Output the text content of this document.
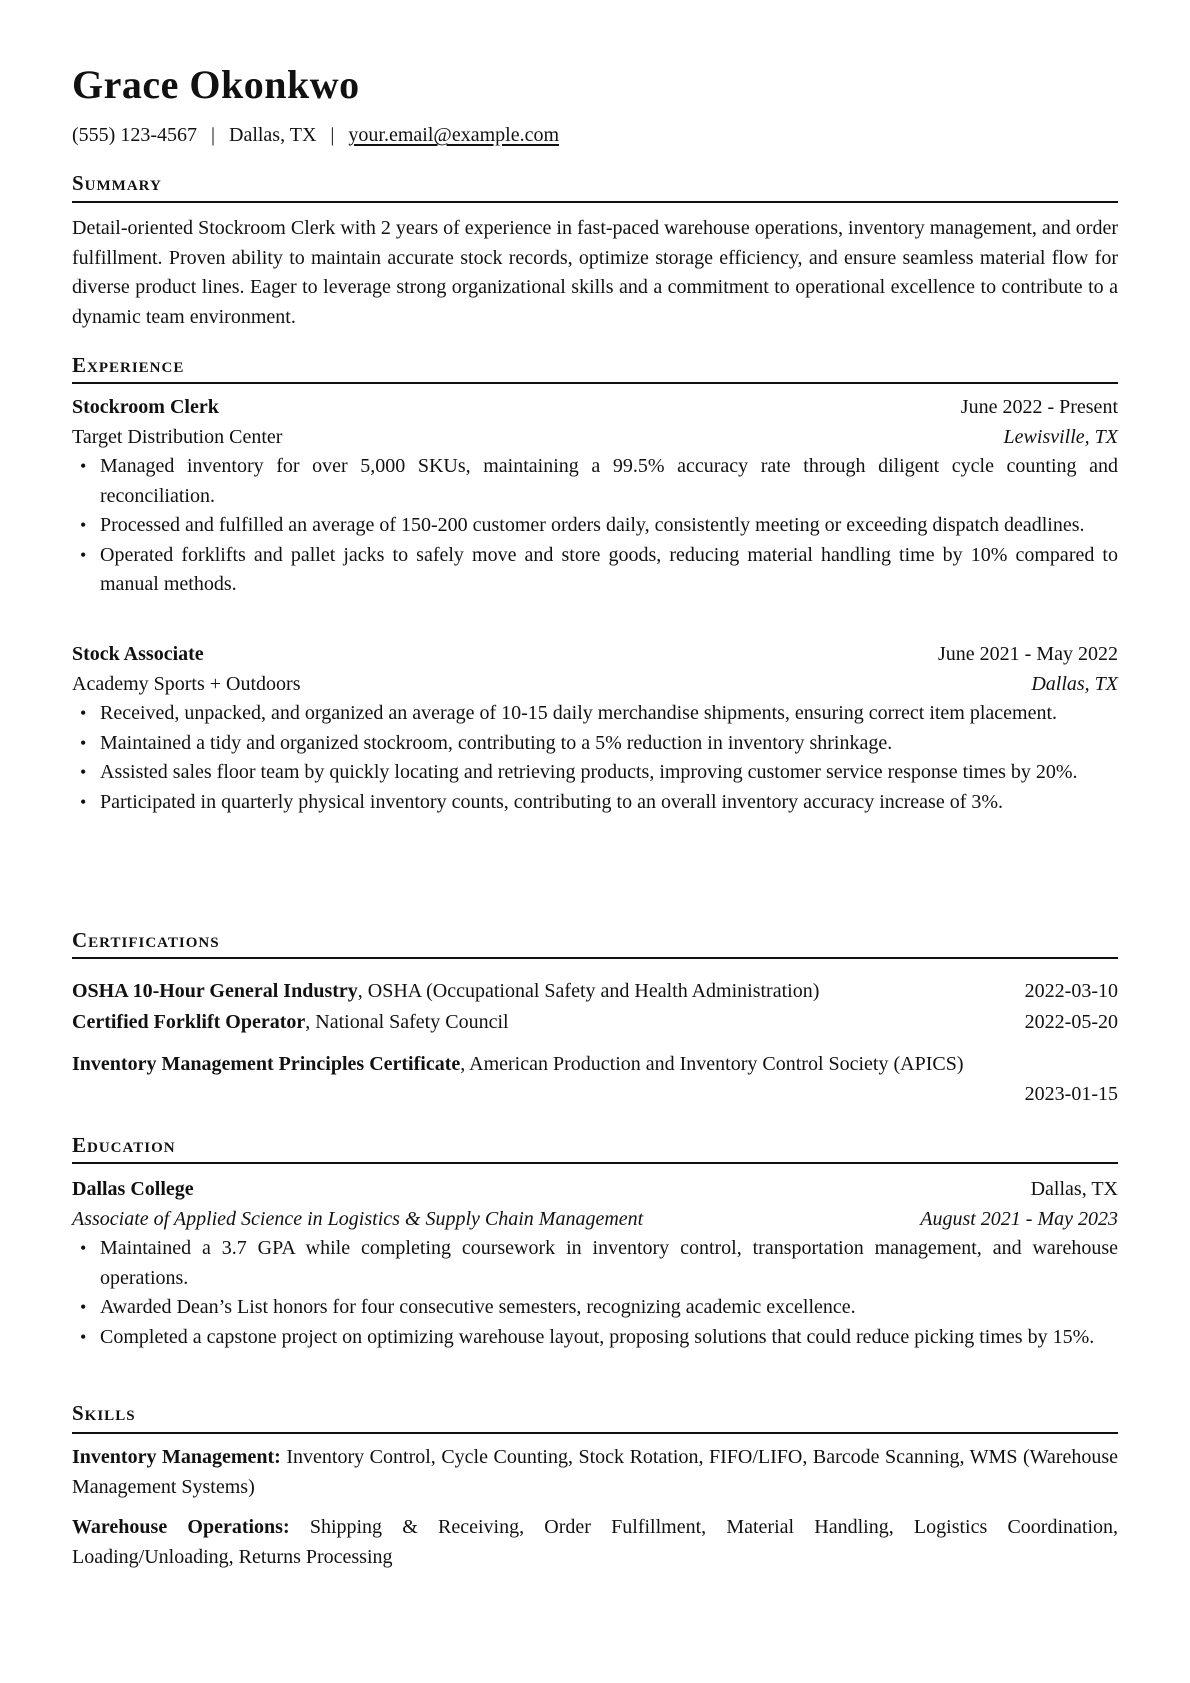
Grace Okonkwo
(555) 123-4567 | Dallas, TX | your.email@example.com
Summary
Detail-oriented Stockroom Clerk with 2 years of experience in fast-paced warehouse operations, inventory management, and order fulfillment. Proven ability to maintain accurate stock records, optimize storage efficiency, and ensure seamless material flow for diverse product lines. Eager to leverage strong organizational skills and a commitment to operational excellence to contribute to a dynamic team environment.
Experience
Stockroom Clerk	June 2022 - Present
Target Distribution Center	Lewisville, TX
• Managed inventory for over 5,000 SKUs, maintaining a 99.5% accuracy rate through diligent cycle counting and reconciliation.
• Processed and fulfilled an average of 150-200 customer orders daily, consistently meeting or exceeding dispatch deadlines.
• Operated forklifts and pallet jacks to safely move and store goods, reducing material handling time by 10% compared to manual methods.
Stock Associate	June 2021 - May 2022
Academy Sports + Outdoors	Dallas, TX
• Received, unpacked, and organized an average of 10-15 daily merchandise shipments, ensuring correct item placement.
• Maintained a tidy and organized stockroom, contributing to a 5% reduction in inventory shrinkage.
• Assisted sales floor team by quickly locating and retrieving products, improving customer service response times by 20%.
• Participated in quarterly physical inventory counts, contributing to an overall inventory accuracy increase of 3%.
Certifications
OSHA 10-Hour General Industry, OSHA (Occupational Safety and Health Administration)	2022-03-10
Certified Forklift Operator, National Safety Council	2022-05-20
Inventory Management Principles Certificate, American Production and Inventory Control Society (APICS)
2023-01-15
Education
Dallas College	Dallas, TX
Associate of Applied Science in Logistics & Supply Chain Management	August 2021 - May 2023
• Maintained a 3.7 GPA while completing coursework in inventory control, transportation management, and warehouse operations.
• Awarded Dean’s List honors for four consecutive semesters, recognizing academic excellence.
• Completed a capstone project on optimizing warehouse layout, proposing solutions that could reduce picking times by 15%.
Skills
Inventory Management: Inventory Control, Cycle Counting, Stock Rotation, FIFO/LIFO, Barcode Scanning, WMS (Warehouse Management Systems)
Warehouse Operations: Shipping & Receiving, Order Fulfillment, Material Handling, Logistics Coordination, Loading/Unloading, Returns Processing
